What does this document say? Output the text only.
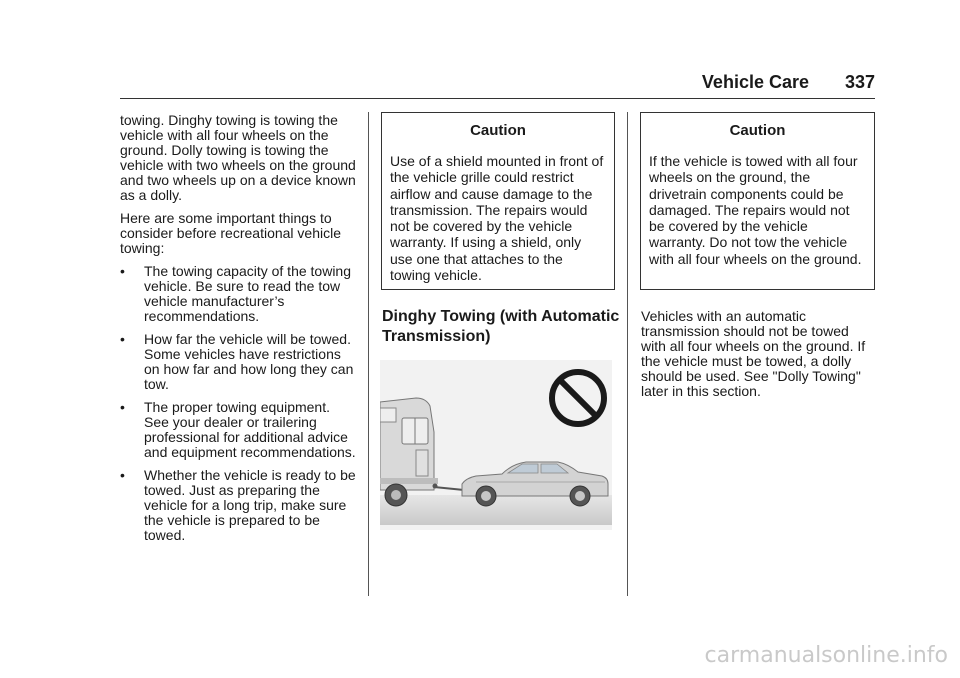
Vehicle Care 337

towing. Dinghy towing is towing the vehicle with all four wheels on the ground. Dolly towing is towing the vehicle with two wheels on the ground and two wheels up on a device known as a dolly.

Here are some important things to consider before recreational vehicle towing:

• The towing capacity of the towing vehicle. Be sure to read the tow vehicle manufacturer’s recommendations.
• How far the vehicle will be towed. Some vehicles have restrictions on how far and how long they can tow.
• The proper towing equipment. See your dealer or trailering professional for additional advice and equipment recommendations.
• Whether the vehicle is ready to be towed. Just as preparing the vehicle for a long trip, make sure the vehicle is prepared to be towed.
Caution
Use of a shield mounted in front of the vehicle grille could restrict airflow and cause damage to the transmission. The repairs would not be covered by the vehicle warranty. If using a shield, only use one that attaches to the towing vehicle.
Dinghy Towing (with Automatic Transmission)
Caution
If the vehicle is towed with all four wheels on the ground, the drivetrain components could be damaged. The repairs would not be covered by the vehicle warranty. Do not tow the vehicle with all four wheels on the ground.

Vehicles with an automatic transmission should not be towed with all four wheels on the ground. If the vehicle must be towed, a dolly should be used. See "Dolly Towing" later in this section.

carmanualsonline.info
